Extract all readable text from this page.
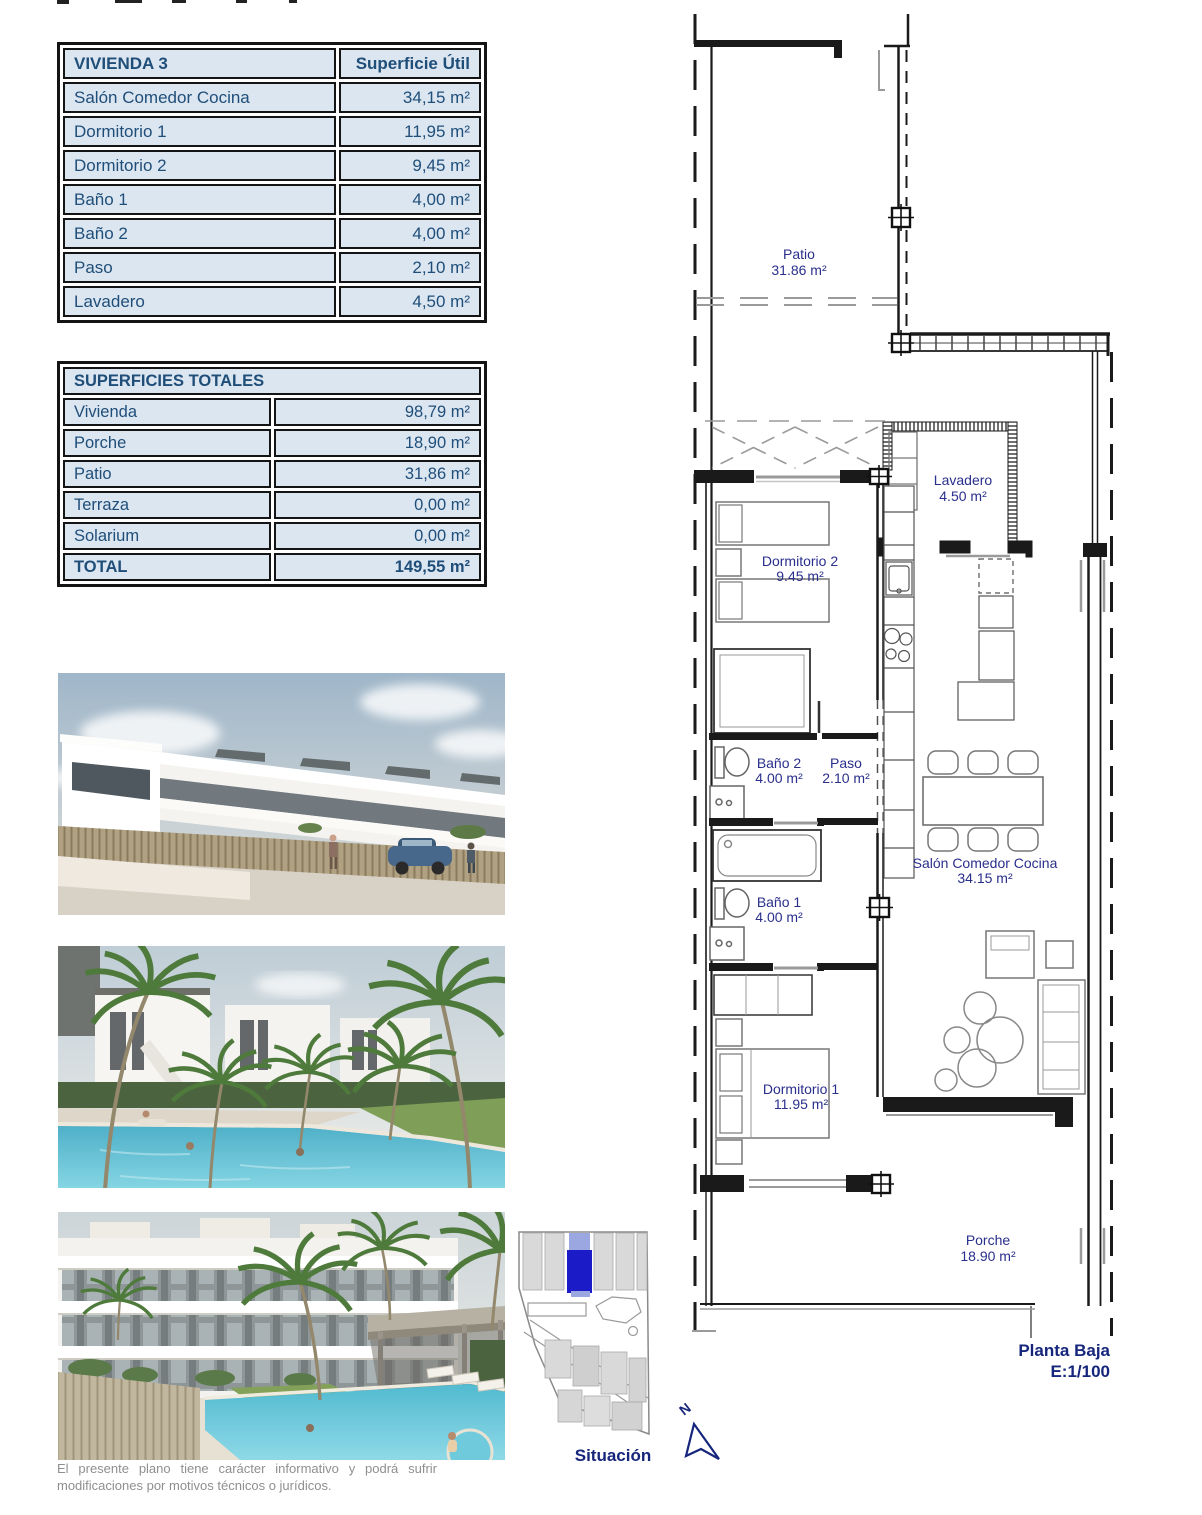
VIVIENDA 3	Superficie Útil
Salón Comedor Cocina	34,15 m²
Dormitorio 1	11,95 m²
Dormitorio 2	9,45 m²
Baño 1	4,00 m²
Baño 2	4,00 m²
Paso	2,10 m²
Lavadero	4,50 m²
SUPERFICIES TOTALES	
Vivienda	98,79 m²
Porche	18,90 m²
Patio	31,86 m²
Terraza	0,00 m²
Solarium	0,00 m²
TOTAL	149,55 m²
Patio
31.86 m²
Lavadero
4.50 m²
Dormitorio 2
9.45 m²
Baño 2
4.00 m²
Paso
2.10 m²
Salón Comedor Cocina
34.15 m²
Baño 1
4.00 m²
Dormitorio 1
11.95 m²
Porche
18.90 m²
Planta Baja
E:1/100
Situación
N
El presente plano tiene carácter informativo y podrá sufrir modificaciones por motivos técnicos o jurídicos.
